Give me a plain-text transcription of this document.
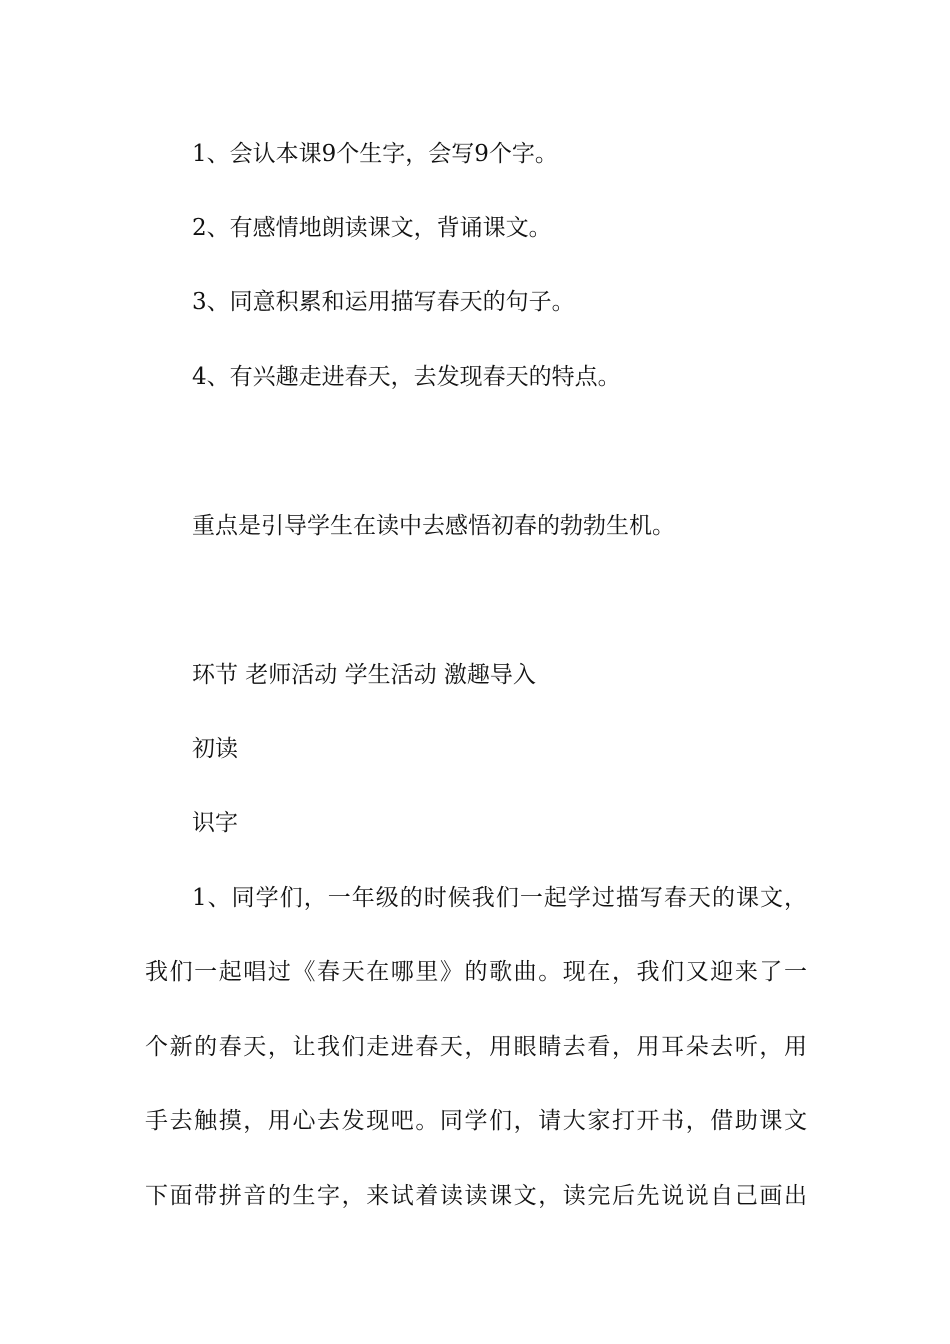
1、会认本课9个生字，会写9个字。
2、有感情地朗读课文，背诵课文。
3、同意积累和运用描写春天的句子。
4、有兴趣走进春天，去发现春天的特点。
重点是引导学生在读中去感悟初春的勃勃生机。
环节 老师活动 学生活动 激趣导入
初读
识字
1、同学们，一年级的时候我们一起学过描写春天的课文，
我们一起唱过《春天在哪里》的歌曲。现在，我们又迎来了一
个新的春天，让我们走进春天，用眼睛去看，用耳朵去听，用
手去触摸，用心去发现吧。同学们，请大家打开书，借助课文
下面带拼音的生字，来试着读读课文，读完后先说说自己画出
